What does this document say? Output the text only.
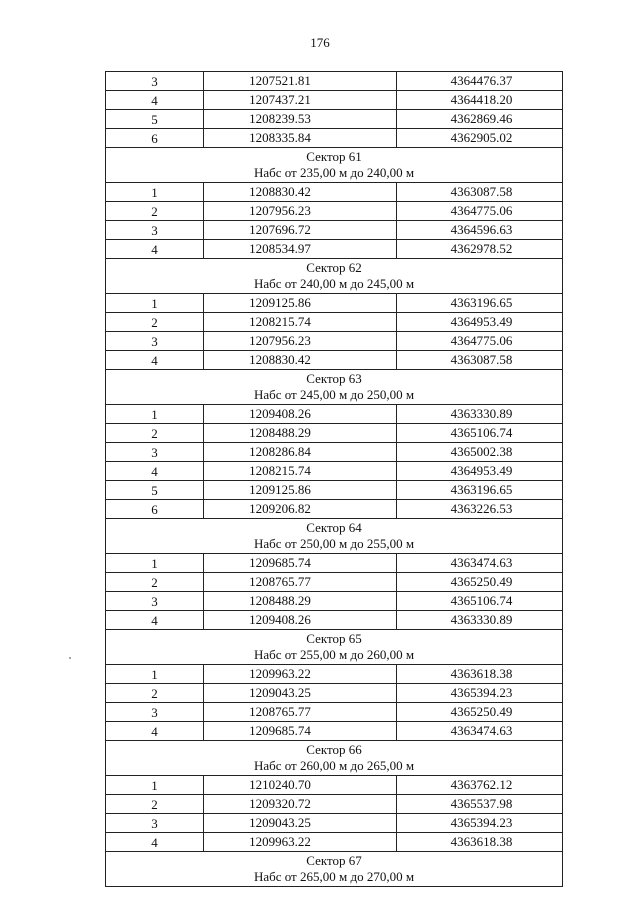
176
3	1207521.81	4364476.37
4	1207437.21	4364418.20
5	1208239.53	4362869.46
6	1208335.84	4362905.02

Сектор 61
Набс от 235,00 м до 240,00 м		

1	1208830.42	4363087.58
2	1207956.23	4364775.06
3	1207696.72	4364596.63
4	1208534.97	4362978.52

Сектор 62
Набс от 240,00 м до 245,00 м		

1	1209125.86	4363196.65
2	1208215.74	4364953.49
3	1207956.23	4364775.06
4	1208830.42	4363087.58

Сектор 63
Набс от 245,00 м до 250,00 м		

1	1209408.26	4363330.89
2	1208488.29	4365106.74
3	1208286.84	4365002.38
4	1208215.74	4364953.49
5	1209125.86	4363196.65
6	1209206.82	4363226.53

Сектор 64
Набс от 250,00 м до 255,00 м		

1	1209685.74	4363474.63
2	1208765.77	4365250.49
3	1208488.29	4365106.74
4	1209408.26	4363330.89

Сектор 65
Набс от 255,00 м до 260,00 м		

1	1209963.22	4363618.38
2	1209043.25	4365394.23
3	1208765.77	4365250.49
4	1209685.74	4363474.63

Сектор 66
Набс от 260,00 м до 265,00 м		

1	1210240.70	4363762.12
2	1209320.72	4365537.98
3	1209043.25	4365394.23
4	1209963.22	4363618.38

Сектор 67
Набс от 265,00 м до 270,00 м		
